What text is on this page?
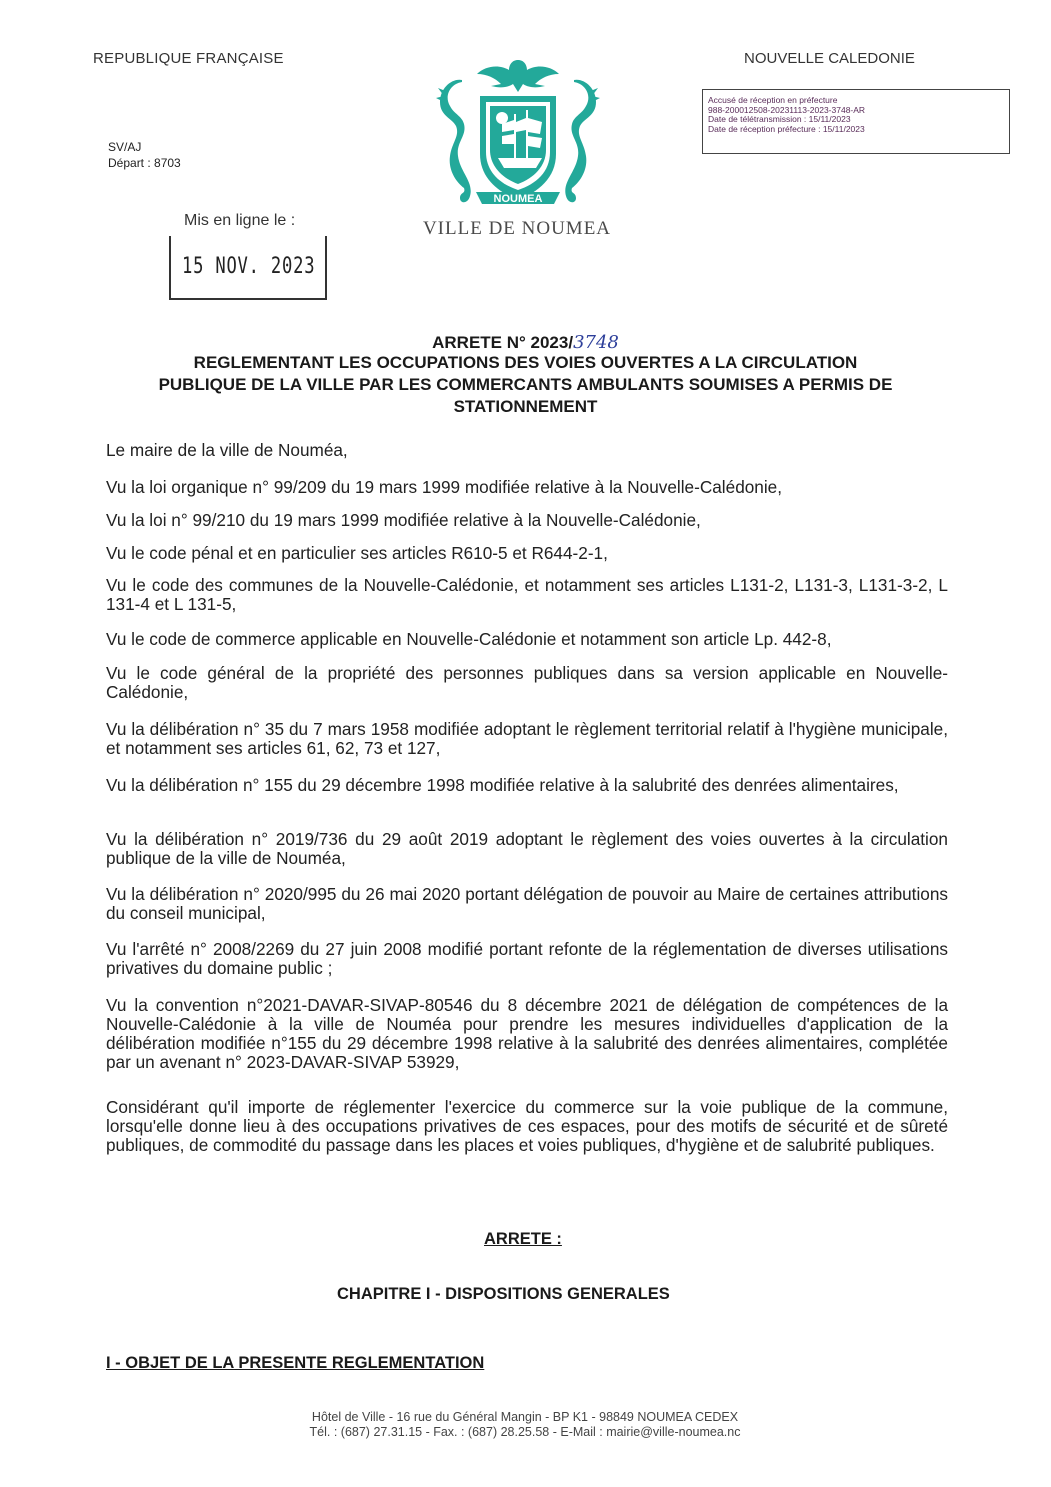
REPUBLIQUE FRANÇAISE	NOUVELLE CALEDONIE
SV/AJ
Départ : 8703
Accusé de réception en préfecture
988-200012508-20231113-2023-3748-AR
Date de télétransmission : 15/11/2023
Date de réception préfecture : 15/11/2023
NOUMEA
VILLE DE NOUMEA
Mis en ligne le :
15 NOV. 2023
ARRETE N° 2023/3748
REGLEMENTANT LES OCCUPATIONS DES VOIES OUVERTES A LA CIRCULATION
PUBLIQUE DE LA VILLE PAR LES COMMERCANTS AMBULANTS SOUMISES A PERMIS DE
STATIONNEMENT

Le maire de la ville de Nouméa,

Vu la loi organique n° 99/209 du 19 mars 1999 modifiée relative à la Nouvelle-Calédonie,

Vu la loi n° 99/210 du 19 mars 1999 modifiée relative à la Nouvelle-Calédonie,

Vu le code pénal et en particulier ses articles R610-5 et R644-2-1,

Vu le code des communes de la Nouvelle-Calédonie, et notamment ses articles L131-2, L131-3, L131-3-2, L 131-4 et L 131-5,

Vu le code de commerce applicable en Nouvelle-Calédonie et notamment son article Lp. 442-8,

Vu le code général de la propriété des personnes publiques dans sa version applicable en Nouvelle-Calédonie,

Vu la délibération n° 35 du 7 mars 1958 modifiée adoptant le règlement territorial relatif à l'hygiène municipale, et notamment ses articles 61, 62, 73 et 127,

Vu la délibération n° 155 du 29 décembre 1998 modifiée relative à la salubrité des denrées alimentaires,

Vu la délibération n° 2019/736 du 29 août 2019 adoptant le règlement des voies ouvertes à la circulation publique de la ville de Nouméa,

Vu la délibération n° 2020/995 du 26 mai 2020 portant délégation de pouvoir au Maire de certaines attributions du conseil municipal,

Vu l'arrêté n° 2008/2269 du 27 juin 2008 modifié portant refonte de la réglementation de diverses utilisations privatives du domaine public ;

Vu la convention n°2021-DAVAR-SIVAP-80546 du 8 décembre 2021 de délégation de compétences de la Nouvelle-Calédonie à la ville de Nouméa pour prendre les mesures individuelles d'application de la délibération modifiée n°155 du 29 décembre 1998 relative à la salubrité des denrées alimentaires, complétée par un avenant n° 2023-DAVAR-SIVAP 53929,

Considérant qu'il importe de réglementer l'exercice du commerce sur la voie publique de la commune, lorsqu'elle donne lieu à des occupations privatives de ces espaces, pour des motifs de sécurité et de sûreté publiques, de commodité du passage dans les places et voies publiques, d'hygiène et de salubrité publiques.

ARRETE :
CHAPITRE I - DISPOSITIONS GENERALES
I - OBJET DE LA PRESENTE REGLEMENTATION
Hôtel de Ville - 16 rue du Général Mangin - BP K1 - 98849 NOUMEA CEDEX
Tél. : (687) 27.31.15 - Fax. : (687) 28.25.58 - E-Mail : mairie@ville-noumea.nc
